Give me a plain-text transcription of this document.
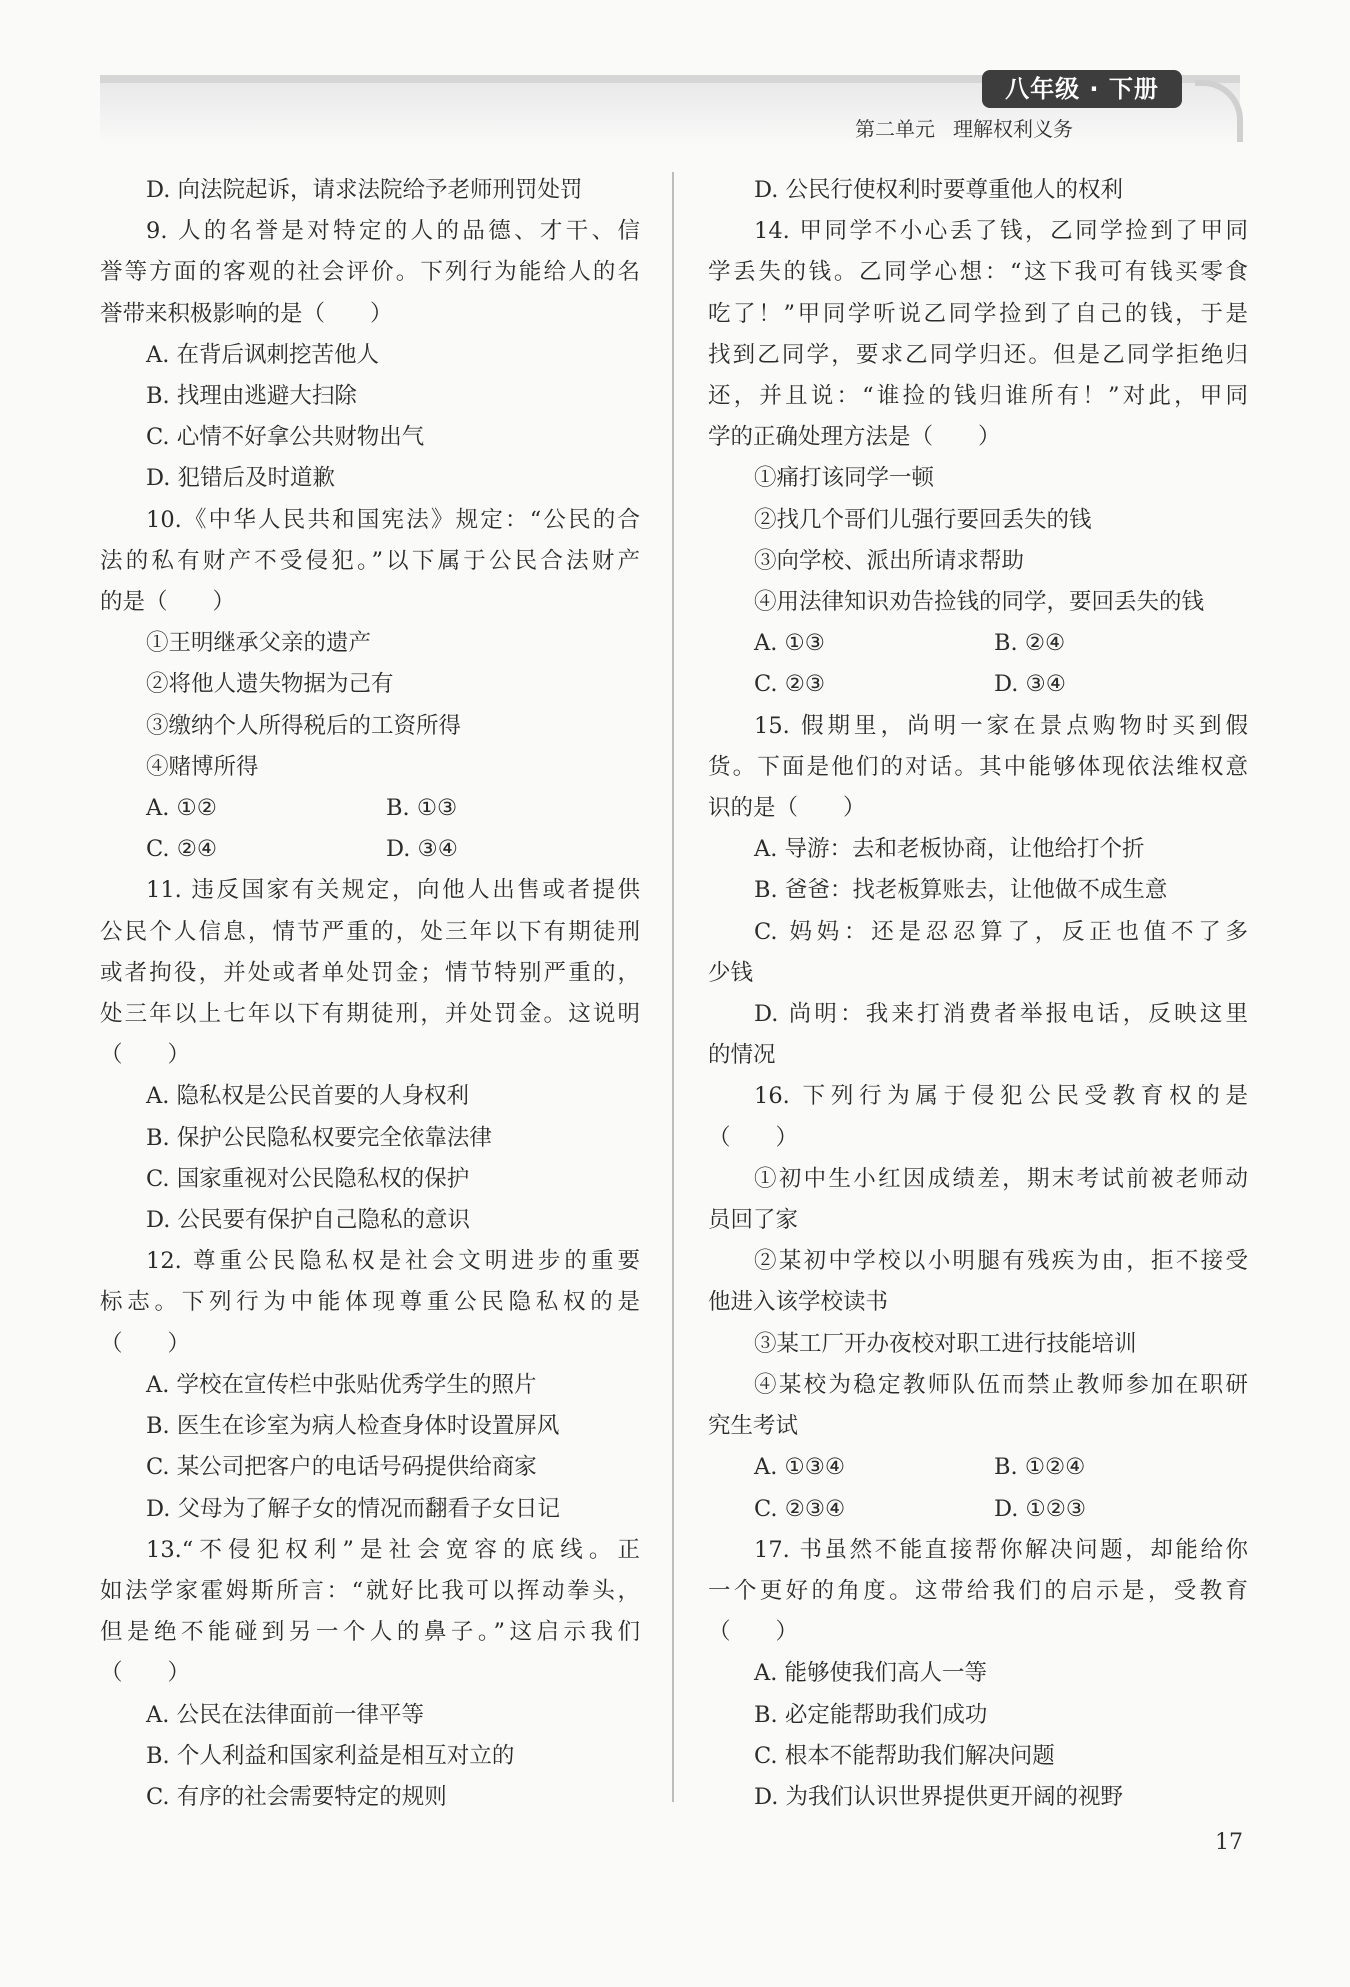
八年级 · 下册
第二单元 理解权利义务
D. 向法院起诉，请求法院给予老师刑罚处罚
9. 人的名誉是对特定的人的品德、才干、信
誉等方面的客观的社会评价。下列行为能给人的名
誉带来积极影响的是（　　）
A. 在背后讽刺挖苦他人
B. 找理由逃避大扫除
C. 心情不好拿公共财物出气
D. 犯错后及时道歉
10.《中华人民共和国宪法》规定：“公民的合
法的私有财产不受侵犯。”以下属于公民合法财产
的是（　　）
①王明继承父亲的遗产
②将他人遗失物据为己有
③缴纳个人所得税后的工资所得
④赌博所得
A. ①②	B. ①③
C. ②④	D. ③④
11. 违反国家有关规定，向他人出售或者提供
公民个人信息，情节严重的，处三年以下有期徒刑
或者拘役，并处或者单处罚金；情节特别严重的，
处三年以上七年以下有期徒刑，并处罚金。这说明
（　　）
A. 隐私权是公民首要的人身权利
B. 保护公民隐私权要完全依靠法律
C. 国家重视对公民隐私权的保护
D. 公民要有保护自己隐私的意识
12. 尊重公民隐私权是社会文明进步的重要
标志。下列行为中能体现尊重公民隐私权的是
（　　）
A. 学校在宣传栏中张贴优秀学生的照片
B. 医生在诊室为病人检查身体时设置屏风
C. 某公司把客户的电话号码提供给商家
D. 父母为了解子女的情况而翻看子女日记
13.“不侵犯权利”是社会宽容的底线。正
如法学家霍姆斯所言：“就好比我可以挥动拳头，
但是绝不能碰到另一个人的鼻子。”这启示我们
（　　）
A. 公民在法律面前一律平等
B. 个人利益和国家利益是相互对立的
C. 有序的社会需要特定的规则
D. 公民行使权利时要尊重他人的权利
14. 甲同学不小心丢了钱，乙同学捡到了甲同
学丢失的钱。乙同学心想：“这下我可有钱买零食
吃了！”甲同学听说乙同学捡到了自己的钱，于是
找到乙同学，要求乙同学归还。但是乙同学拒绝归
还，并且说：“谁捡的钱归谁所有！”对此，甲同
学的正确处理方法是（　　）
①痛打该同学一顿
②找几个哥们儿强行要回丢失的钱
③向学校、派出所请求帮助
④用法律知识劝告捡钱的同学，要回丢失的钱
A. ①③	B. ②④
C. ②③	D. ③④
15. 假期里，尚明一家在景点购物时买到假
货。下面是他们的对话。其中能够体现依法维权意
识的是（　　）
A. 导游：去和老板协商，让他给打个折
B. 爸爸：找老板算账去，让他做不成生意
C. 妈妈：还是忍忍算了，反正也值不了多
少钱
D. 尚明：我来打消费者举报电话，反映这里
的情况
16. 下列行为属于侵犯公民受教育权的是
（　　）
①初中生小红因成绩差，期末考试前被老师动
员回了家
②某初中学校以小明腿有残疾为由，拒不接受
他进入该学校读书
③某工厂开办夜校对职工进行技能培训
④某校为稳定教师队伍而禁止教师参加在职研
究生考试
A. ①③④	B. ①②④
C. ②③④	D. ①②③
17. 书虽然不能直接帮你解决问题，却能给你
一个更好的角度。这带给我们的启示是，受教育
（　　）
A. 能够使我们高人一等
B. 必定能帮助我们成功
C. 根本不能帮助我们解决问题
D. 为我们认识世界提供更开阔的视野
17
